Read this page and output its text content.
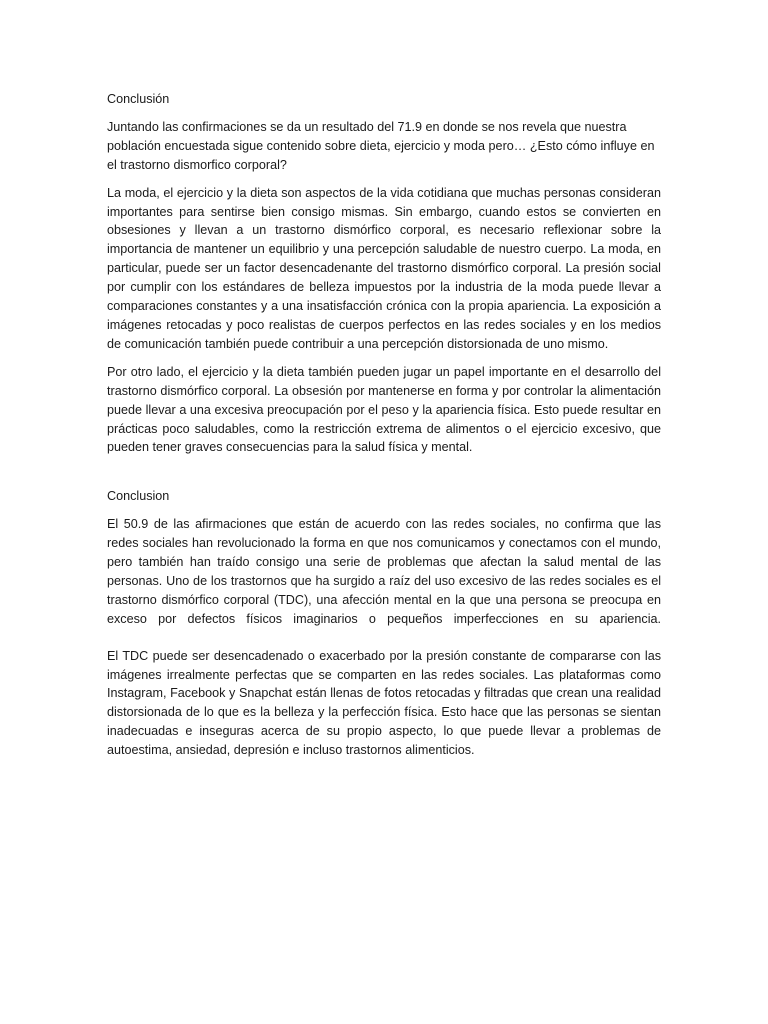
Conclusión

Juntando las confirmaciones se da un resultado del 71.9 en donde se nos revela que nuestra población encuestada sigue contenido sobre dieta, ejercicio y moda pero… ¿Esto cómo influye en el trastorno dismorfico corporal?

La moda, el ejercicio y la dieta son aspectos de la vida cotidiana que muchas personas consideran importantes para sentirse bien consigo mismas. Sin embargo, cuando estos se convierten en obsesiones y llevan a un trastorno dismórfico corporal, es necesario reflexionar sobre la importancia de mantener un equilibrio y una percepción saludable de nuestro cuerpo. La moda, en particular, puede ser un factor desencadenante del trastorno dismórfico corporal. La presión social por cumplir con los estándares de belleza impuestos por la industria de la moda puede llevar a comparaciones constantes y a una insatisfacción crónica con la propia apariencia. La exposición a imágenes retocadas y poco realistas de cuerpos perfectos en las redes sociales y en los medios de comunicación también puede contribuir a una percepción distorsionada de uno mismo.

Por otro lado, el ejercicio y la dieta también pueden jugar un papel importante en el desarrollo del trastorno dismórfico corporal. La obsesión por mantenerse en forma y por controlar la alimentación puede llevar a una excesiva preocupación por el peso y la apariencia física. Esto puede resultar en prácticas poco saludables, como la restricción extrema de alimentos o el ejercicio excesivo, que pueden tener graves consecuencias para la salud física y mental.

Conclusion

El 50.9 de las afirmaciones que están de acuerdo con las redes sociales, no confirma que las redes sociales han revolucionado la forma en que nos comunicamos y conectamos con el mundo, pero también han traído consigo una serie de problemas que afectan la salud mental de las personas. Uno de los trastornos que ha surgido a raíz del uso excesivo de las redes sociales es el trastorno dismórfico corporal (TDC), una afección mental en la que una persona se preocupa en exceso por defectos físicos imaginarios o pequeños imperfecciones en su apariencia.

El TDC puede ser desencadenado o exacerbado por la presión constante de compararse con las imágenes irrealmente perfectas que se comparten en las redes sociales. Las plataformas como Instagram, Facebook y Snapchat están llenas de fotos retocadas y filtradas que crean una realidad distorsionada de lo que es la belleza y la perfección física. Esto hace que las personas se sientan inadecuadas e inseguras acerca de su propio aspecto, lo que puede llevar a problemas de autoestima, ansiedad, depresión e incluso trastornos alimenticios.
